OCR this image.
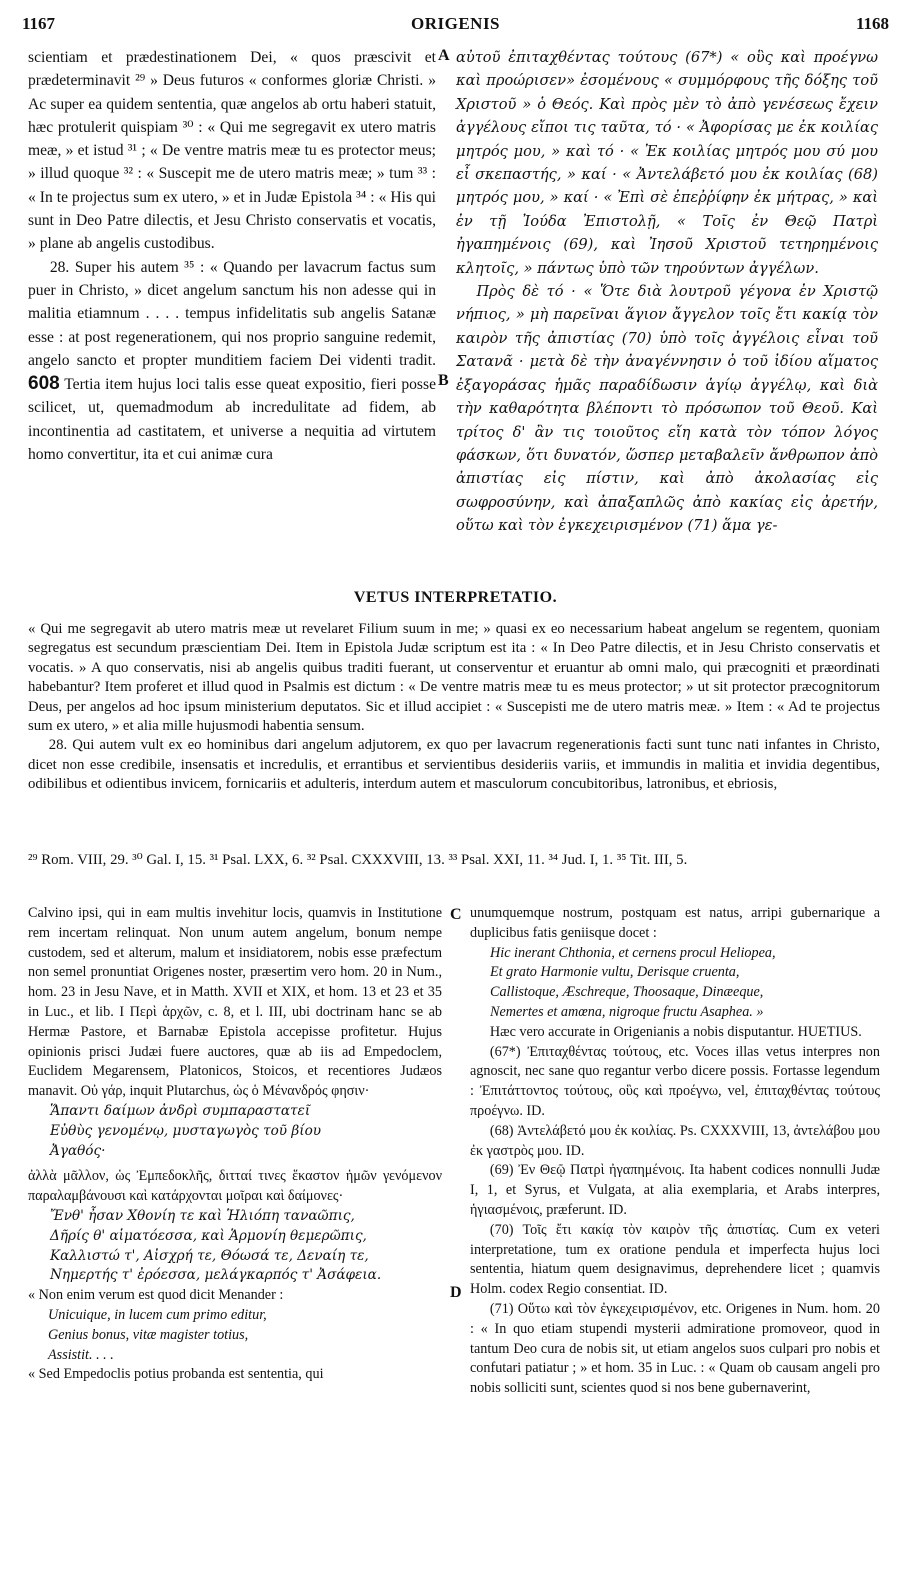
1167	ORIGENIS	1168
A
B
C
D

scientiam et prædestinationem Dei, « quos præscivit et prædeterminavit ²⁹ » Deus futuros « conformes gloriæ Christi. » Ac super ea quidem sententia, quæ angelos ab ortu haberi statuit, hæc protulerit quispiam ³⁰ : « Qui me segregavit ex utero matris meæ, » et istud ³¹ ; « De ventre matris meæ tu es protector meus; » illud quoque ³² : « Suscepit me de utero matris meæ; » tum ³³ : « In te projectus sum ex utero, » et in Judæ Epistola ³⁴ : « His qui sunt in Deo Patre dilectis, et Jesu Christo conservatis et vocatis, » plane ab angelis custodibus.

28. Super his autem ³⁵ : « Quando per lavacrum factus sum puer in Christo, » dicet angelum sanctum his non adesse qui in malitia etiamnum . . . . tempus infidelitatis sub angelis Satanæ esse : at post regenerationem, qui nos proprio sanguine redemit, angelo sancto et propter munditiem faciem Dei videnti tradit. 608 Tertia item hujus loci talis esse queat expositio, fieri posse scilicet, ut, quemadmodum ab incredulitate ad fidem, ab incontinentia ad castitatem, et universe a nequitia ad virtutem homo convertitur, ita et cui animæ cura

αὐτοῦ ἐπιταχθέντας τούτους (67*) « οὓς καὶ προέγνω καὶ προώρισεν» ἐσομένους « συμμόρφους τῆς δόξης τοῦ Χριστοῦ » ὁ Θεός. Καὶ πρὸς μὲν τὸ ἀπὸ γενέσεως ἔχειν ἀγγέλους εἴποι τις ταῦτα, τό · « Ἀφορίσας με ἐκ κοιλίας μητρός μου, » καὶ τό · « Ἐκ κοιλίας μητρός μου σύ μου εἶ σκεπαστής, » καί · « Ἀντελάβετό μου ἐκ κοιλίας (68) μητρός μου, » καί · « Ἐπὶ σὲ ἐπεῤῥίφην ἐκ μήτρας, » καὶ ἐν τῇ Ἰούδα Ἐπιστολῇ, « Τοῖς ἐν Θεῷ Πατρὶ ἠγαπημένοις (69), καὶ Ἰησοῦ Χριστοῦ τετηρημένοις κλητοῖς, » πάντως ὑπὸ τῶν τηρούντων ἀγγέλων.

Πρὸς δὲ τό · « Ὅτε διὰ λουτροῦ γέγονα ἐν Χριστῷ νήπιος, » μὴ παρεῖναι ἅγιον ἄγγελον τοῖς ἔτι κακίᾳ τὸν καιρὸν τῆς ἀπιστίας (70) ὑπὸ τοῖς ἀγγέλοις εἶναι τοῦ Σατανᾶ · μετὰ δὲ τὴν ἀναγέννησιν ὁ τοῦ ἰδίου αἵματος ἐξαγοράσας ἡμᾶς παραδίδωσιν ἁγίῳ ἀγγέλῳ, καὶ διὰ τὴν καθαρότητα βλέποντι τὸ πρόσωπον τοῦ Θεοῦ. Καὶ τρίτος δ' ἂν τις τοιοῦτος εἴη κατὰ τὸν τόπον λόγος φάσκων, ὅτι δυνατόν, ὥσπερ μεταβαλεῖν ἄνθρωπον ἀπὸ ἀπιστίας εἰς πίστιν, καὶ ἀπὸ ἀκολασίας εἰς σωφροσύνην, καὶ ἀπαξαπλῶς ἀπὸ κακίας εἰς ἀρετήν, οὕτω καὶ τὸν ἐγκεχειρισμένον (71) ἅμα γε-

VETUS INTERPRETATIO.

« Qui me segregavit ab utero matris meæ ut revelaret Filium suum in me; » quasi ex eo necessarium habeat angelum se regentem, quoniam segregatus est secundum præscientiam Dei. Item in Epistola Judæ scriptum est ita : « In Deo Patre dilectis, et in Jesu Christo conservatis et vocatis. » A quo conservatis, nisi ab angelis quibus traditi fuerant, ut conserventur et eruantur ab omni malo, qui præcogniti et præordinati habebantur? Item proferet et illud quod in Psalmis est dictum : « De ventre matris meæ tu es meus protector; » ut sit protector præcognitorum Deus, per angelos ad hoc ipsum ministerium deputatos. Sic et illud accipiet : « Suscepisti me de utero matris meæ. » Item : « Ad te projectus sum ex utero, » et alia mille hujusmodi habentia sensum.

28. Qui autem vult ex eo hominibus dari angelum adjutorem, ex quo per lavacrum regenerationis facti sunt tunc nati infantes in Christo, dicet non esse credibile, insensatis et incredulis, et errantibus et servientibus desideriis variis, et immundis in malitia et invidia degentibus, odibilibus et odientibus invicem, fornicariis et adulteris, interdum autem et masculorum concubitoribus, latronibus, et ebriosis,

²⁹ Rom. VIII, 29. ³⁰ Gal. I, 15. ³¹ Psal. LXX, 6. ³² Psal. CXXXVIII, 13. ³³ Psal. XXI, 11. ³⁴ Jud. I, 1. ³⁵ Tit. III, 5.

Calvino ipsi, qui in eam multis invehitur locis, quamvis in Institutione rem incertam relinquat. Non unum autem angelum, bonum nempe custodem, sed et alterum, malum et insidiatorem, nobis esse præfectum non semel pronuntiat Origenes noster, præsertim vero hom. 20 in Num., hom. 23 in Jesu Nave, et in Matth. XVII et XIX, et hom. 13 et 23 et 35 in Luc., et lib. I Περὶ ἀρχῶν, c. 8, et l. III, ubi doctrinam hanc se ab Hermæ Pastore, et Barnabæ Epistola accepisse profitetur. Hujus opinionis prisci Judæi fuere auctores, quæ ab iis ad Empedoclem, Euclidem Megarensem, Platonicos, Stoicos, et recentiores Judæos manavit. Οὐ γάρ, inquit Plutarchus, ὡς ὁ Μένανδρός φησιν·

Ἅπαντι δαίμων ἀνδρὶ συμπαραστατεῖ
Εὐθὺς γενομένῳ, μυσταγωγὸς τοῦ βίου
Ἀγαθός·

ἀλλὰ μᾶλλον, ὡς Ἐμπεδοκλῆς, διτταί τινες ἕκαστον ἡμῶν γενόμενον παραλαμβάνουσι καὶ κατάρχονται μοῖραι καὶ δαίμονες·

Ἔνθ' ἦσαν Χθονίη τε καὶ Ἡλιόπη ταναῶπις,
Δῆρίς θ' αἱματόεσσα, καὶ Ἁρμονίη θεμερῶπις,
Καλλιστώ τ', Αἰσχρή τε, Θόωσά τε, Δεναίη τε,
Νημερτής τ' ἐρόεσσα, μελάγκαρπός τ' Ἀσάφεια.

« Non enim verum est quod dicit Menander :

Unicuique, in lucem cum primo editur,
Genius bonus, vitæ magister totius,
Assistit. . . .

« Sed Empedoclis potius probanda est sententia, qui

unumquemque nostrum, postquam est natus, arripi gubernarique a duplicibus fatis geniisque docet :

Hic inerant Chthonia, et cernens procul Heliopea,
Et grato Harmonie vultu, Derisque cruenta,
Callistoque, Æschreque, Thoosaque, Dinæeque,
Nemertes et amœna, nigroque fructu Asaphea. »

Hæc vero accurate in Origenianis a nobis disputantur. HUETIUS.

(67*) Ἐπιταχθέντας τούτους, etc. Voces illas vetus interpres non agnoscit, nec sane quo regantur verbo dicere possis. Fortasse legendum : Ἐπιτάττοντος τούτους, οὓς καὶ προέγνω, vel, ἐπιταχθέντας τούτους προέγνω. ID.

(68) Ἀντελάβετό μου ἐκ κοιλίας. Ps. CXXXVIII, 13, ἀντελάβου μου ἐκ γαστρὸς μου. ID.

(69) Ἐν Θεῷ Πατρὶ ἠγαπημένοις. Ita habent codices nonnulli Judæ I, 1, et Syrus, et Vulgata, at alia exemplaria, et Arabs interpres, ἡγιασμένοις, præferunt. ID.

(70) Τοῖς ἔτι κακίᾳ τὸν καιρὸν τῆς ἀπιστίας. Cum ex veteri interpretatione, tum ex oratione pendula et imperfecta hujus loci sententia, hiatum quem designavimus, deprehendere licet ; quamvis Holm. codex Regio consentiat. ID.

(71) Οὕτω καὶ τὸν ἐγκεχειρισμένον, etc. Origenes in Num. hom. 20 : « In quo etiam stupendi mysterii admiratione promoveor, quod in tantum Deo cura de nobis sit, ut etiam angelos suos culpari pro nobis et confutari patiatur ; » et hom. 35 in Luc. : « Quam ob causam angeli pro nobis solliciti sunt, scientes quod si nos bene gubernaverint,
